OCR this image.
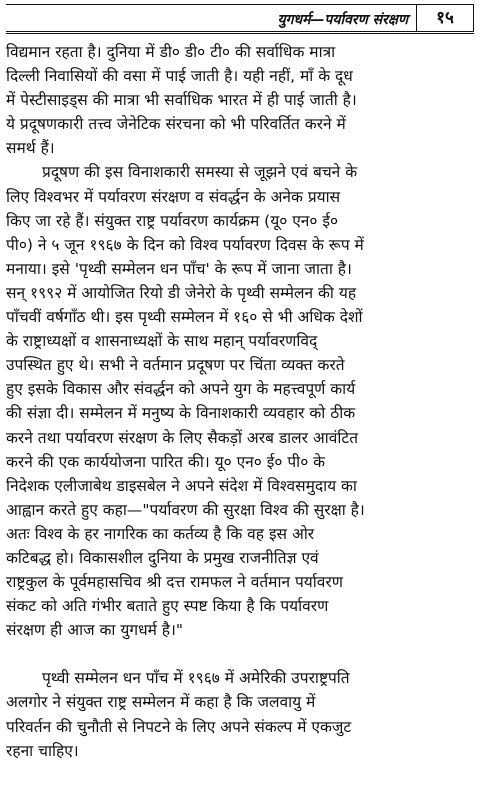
युगधर्म—पर्यावरण संरक्षण	१५

विद्यमान रहता है। दुनिया में डी० डी० टी० की सर्वाधिक मात्रा
दिल्ली निवासियों की वसा में पाई जाती है। यही नहीं, माँ के दूध
में पेस्टीसाइड्स की मात्रा भी सर्वाधिक भारत में ही पाई जाती है।
ये प्रदूषणकारी तत्त्व जेनेटिक संरचना को भी परिवर्तित करने में
समर्थ हैं।

प्रदूषण की इस विनाशकारी समस्या से जूझने एवं बचने के
लिए विश्वभर में पर्यावरण संरक्षण व संवर्द्धन के अनेक प्रयास
किए जा रहे हैं। संयुक्त राष्ट्र पर्यावरण कार्यक्रम (यू० एन० ई०
पी०) ने ५ जून १९६७ के दिन को विश्व पर्यावरण दिवस के रूप में
मनाया। इसे 'पृथ्वी सम्मेलन धन पाँच' के रूप में जाना जाता है।
सन् १९९२ में आयोजित रियो डी जेनेरो के पृथ्वी सम्मेलन की यह
पाँचवीं वर्षगाँठ थी। इस पृथ्वी सम्मेलन में १६० से भी अधिक देशों
के राष्ट्राध्यक्षों व शासनाध्यक्षों के साथ महान् पर्यावरणविद्
उपस्थित हुए थे। सभी ने वर्तमान प्रदूषण पर चिंता व्यक्त करते
हुए इसके विकास और संवर्द्धन को अपने युग के महत्त्वपूर्ण कार्य
की संज्ञा दी। सम्मेलन में मनुष्य के विनाशकारी व्यवहार को ठीक
करने तथा पर्यावरण संरक्षण के लिए सैकड़ों अरब डालर आवंटित
करने की एक कार्ययोजना पारित की। यू० एन० ई० पी० के
निदेशक एलीजाबेथ डाइसबेल ने अपने संदेश में विश्वसमुदाय का
आह्वान करते हुए कहा—"पर्यावरण की सुरक्षा विश्व की सुरक्षा है।
अतः विश्व के हर नागरिक का कर्तव्य है कि वह इस ओर
कटिबद्ध हो। विकासशील दुनिया के प्रमुख राजनीतिज्ञ एवं
राष्ट्रकुल के पूर्वमहासचिव श्री दत्त रामफल ने वर्तमान पर्यावरण
संकट को अति गंभीर बताते हुए स्पष्ट किया है कि पर्यावरण
संरक्षण ही आज का युगधर्म है।"

पृथ्वी सम्मेलन धन पाँच में १९६७ में अमेरिकी उपराष्ट्रपति
अलगोर ने संयुक्त राष्ट्र सम्मेलन में कहा है कि जलवायु में
परिवर्तन की चुनौती से निपटने के लिए अपने संकल्प में एकजुट
रहना चाहिए।
